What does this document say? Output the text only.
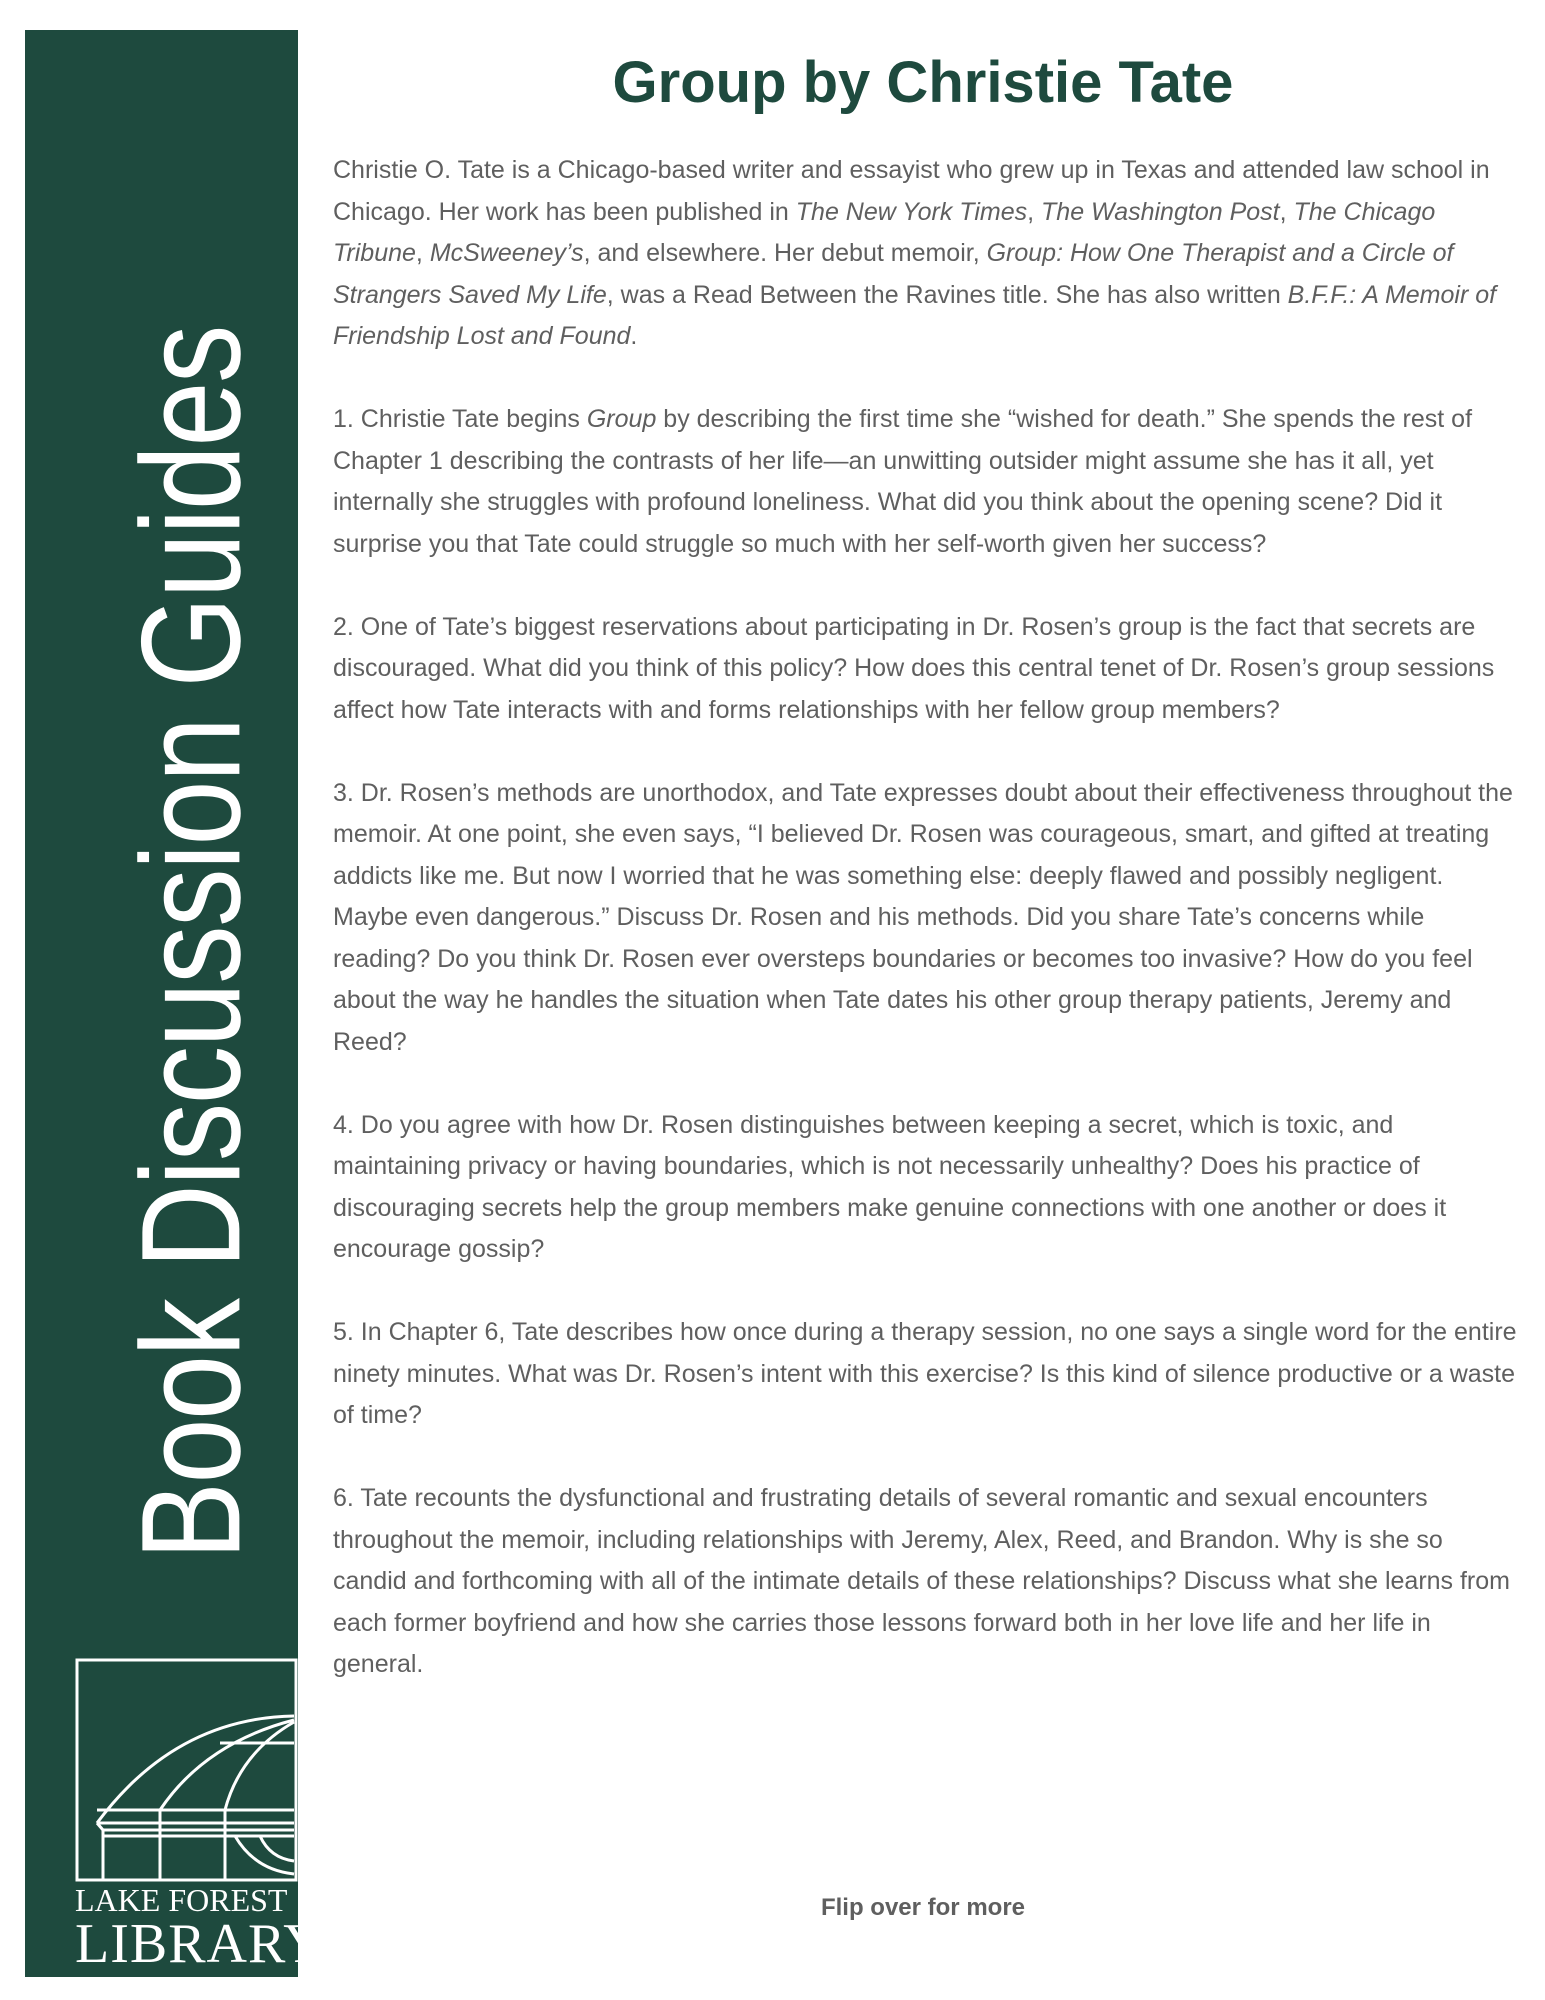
Book Discussion Guides
LAKE FOREST
LIBRARY
Group by Christie Tate

Christie O. Tate is a Chicago-based writer and essayist who grew up in Texas and attended law school in Chicago. Her work has been published in The New York Times, The Washington Post, The Chicago Tribune, McSweeney’s, and elsewhere. Her debut memoir, Group: How One Therapist and a Circle of Strangers Saved My Life, was a Read Between the Ravines title. She has also written B.F.F.: A Memoir of Friendship Lost and Found.

1. Christie Tate begins Group by describing the first time she “wished for death.” She spends the rest of Chapter 1 describing the contrasts of her life—an unwitting outsider might assume she has it all, yet internally she struggles with profound loneliness. What did you think about the opening scene? Did it surprise you that Tate could struggle so much with her self-worth given her success?

2. One of Tate’s biggest reservations about participating in Dr. Rosen’s group is the fact that secrets are discouraged. What did you think of this policy? How does this central tenet of Dr. Rosen’s group sessions affect how Tate interacts with and forms relationships with her fellow group members?

3. Dr. Rosen’s methods are unorthodox, and Tate expresses doubt about their effectiveness throughout the memoir. At one point, she even says, “I believed Dr. Rosen was courageous, smart, and gifted at treating addicts like me. But now I worried that he was something else: deeply flawed and possibly negligent. Maybe even dangerous.” Discuss Dr. Rosen and his methods. Did you share Tate’s concerns while reading? Do you think Dr. Rosen ever oversteps boundaries or becomes too invasive? How do you feel about the way he handles the situation when Tate dates his other group therapy patients, Jeremy and Reed?

4. Do you agree with how Dr. Rosen distinguishes between keeping a secret, which is toxic, and maintaining privacy or having boundaries, which is not necessarily unhealthy? Does his practice of discouraging secrets help the group members make genuine connections with one another or does it encourage gossip?

5. In Chapter 6, Tate describes how once during a therapy session, no one says a single word for the entire ninety minutes. What was Dr. Rosen’s intent with this exercise? Is this kind of silence productive or a waste of time?

6. Tate recounts the dysfunctional and frustrating details of several romantic and sexual encounters throughout the memoir, including relationships with Jeremy, Alex, Reed, and Brandon. Why is she so candid and forthcoming with all of the intimate details of these relationships? Discuss what she learns from each former boyfriend and how she carries those lessons forward both in her love life and her life in general.

Flip over for more
